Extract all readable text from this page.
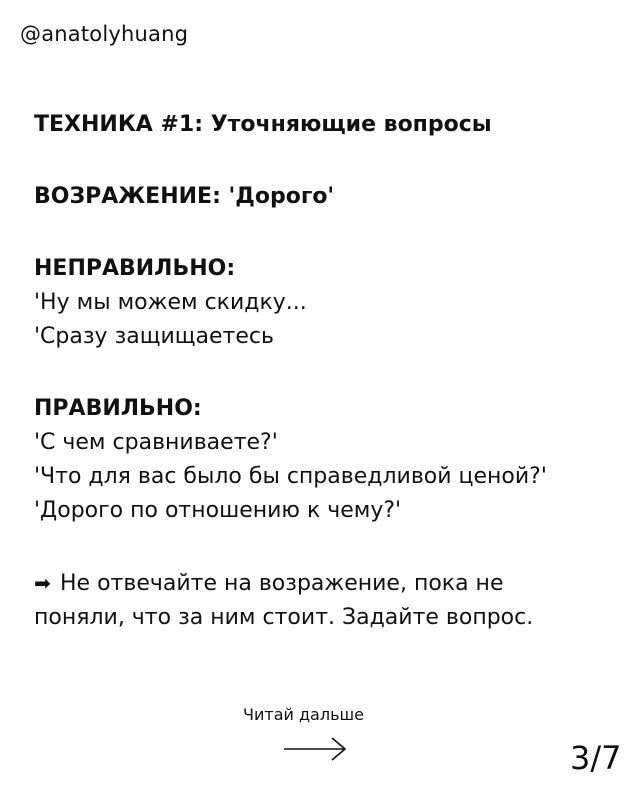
@anatolyhuang

ТЕХНИКА #1: Уточняющие вопросы

ВОЗРАЖЕНИЕ: 'Дорого'

НЕПРАВИЛЬНО:

'Ну мы можем скидку...

'Сразу защищаетесь

ПРАВИЛЬНО:

'С чем сравниваете?'

'Что для вас было бы справедливой ценой?'

'Дорого по отношению к чему?'

➡ Не отвечайте на возражение, пока не

поняли, что за ним стоит. Задайте вопрос.

Читай дальше
3/7
